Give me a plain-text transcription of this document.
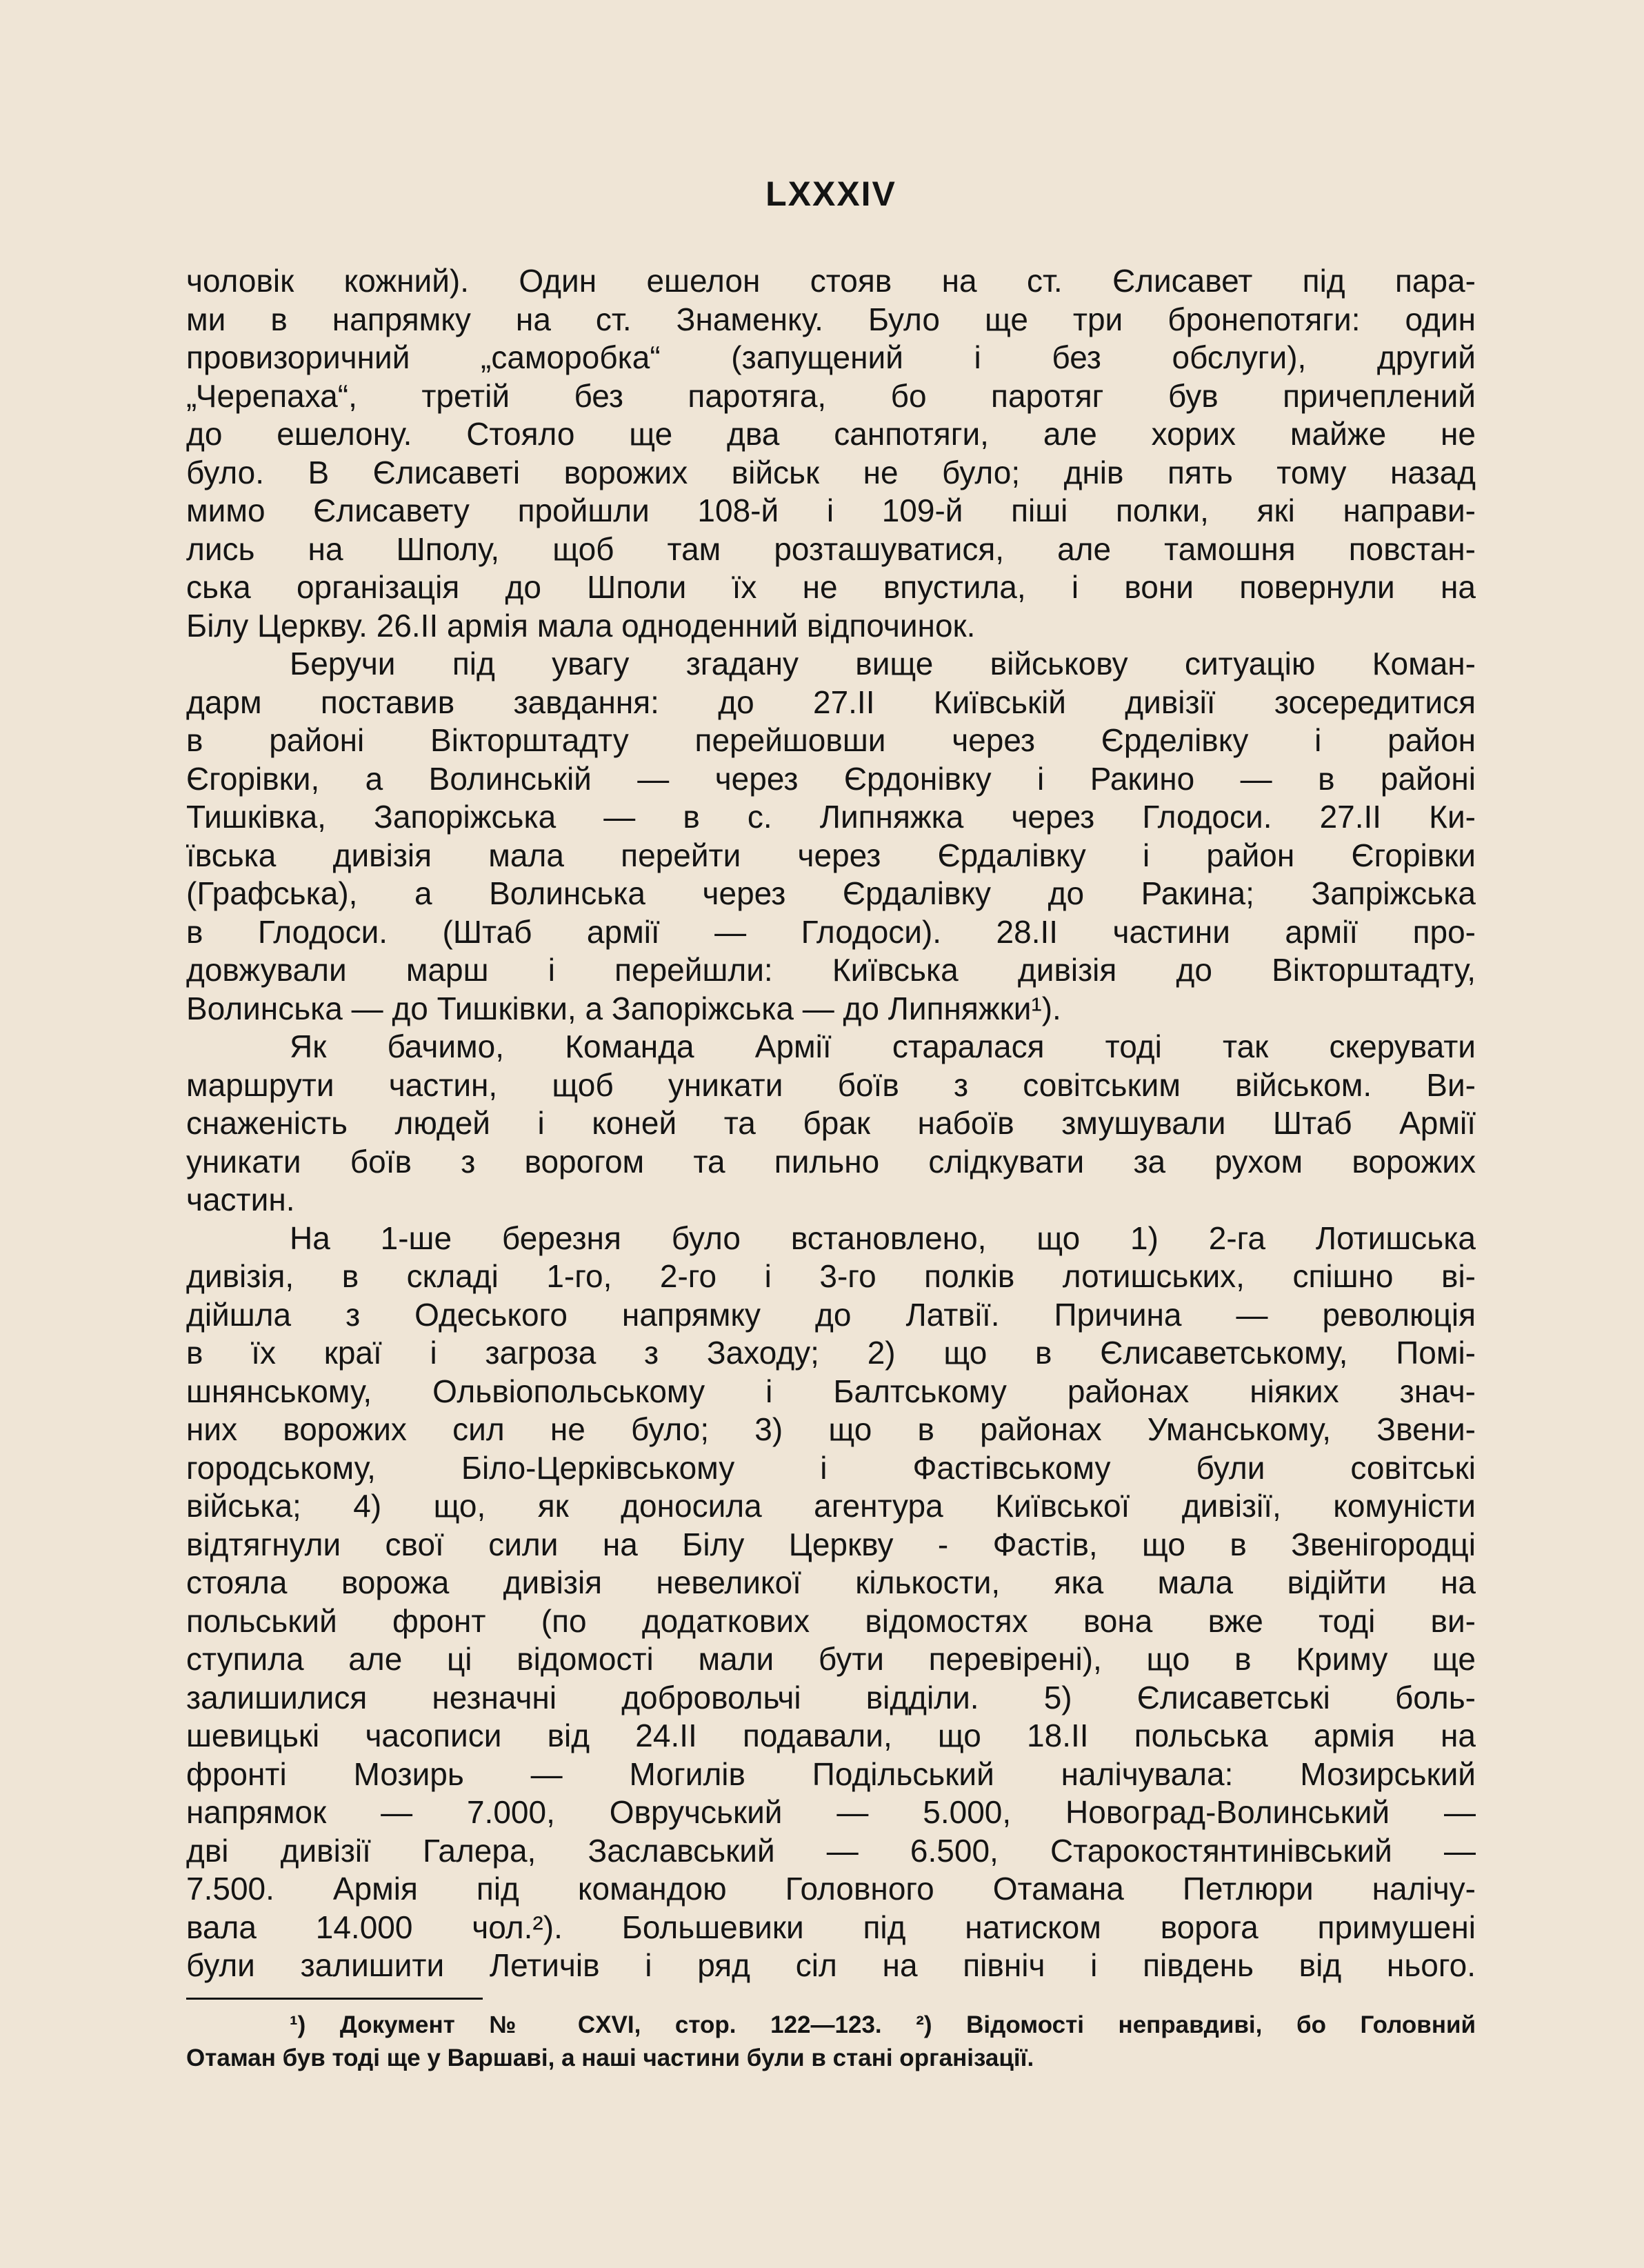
LXXXIV
чоловік кожний). Один ешелон стояв на ст. Єлисавет під пара-
ми в напрямку на ст. Знаменку. Було ще три бронепотяги: один
провизоричний „саморобка“ (запущений і без обслуги), другий
„Черепаха“, третій без паротяга, бо паротяг був причеплений
до ешелону. Стояло ще два санпотяги, але хорих майже не
було. В Єлисаветі ворожих військ не було; днів пять тому назад
мимо Єлисавету пройшли 108-й і 109-й піші полки, які направи-
лись на Шполу, щоб там розташуватися, але тамошня повстан-
ська організація до Шполи їх не впустила, і вони повернули на
Білу Церкву. 26.II армія мала одноденний відпочинок.
Беручи під увагу згадану вище військову ситуацію Коман-
дарм поставив завдання: до 27.II Київській дивізії зосередитися
в районі Вікторштадту перейшовши через Єрделівку і район
Єгорівки, а Волинській — через Єрдонівку і Ракино — в районі
Тишківка, Запоріжська — в с. Липняжка через Глодоси. 27.II Ки-
ївська дивізія мала перейти через Єрдалівку і район Єгорівки
(Графська), а Волинська через Єрдалівку до Ракина; Запріжська
в Глодоси. (Штаб армії — Глодоси). 28.II частини армії про-
довжували марш і перейшли: Київська дивізія до Вікторштадту,
Волинська — до Тишківки, а Запоріжська — до Липняжки¹).
Як бачимо, Команда Армії старалася тоді так скерувати
маршрути частин, щоб уникати боїв з совітським військом. Ви-
снаженість людей і коней та брак набоїв змушували Штаб Армії
уникати боїв з ворогом та пильно слідкувати за рухом ворожих
частин.
На 1-ше березня було встановлено, що 1) 2-га Лотишська
дивізія, в складі 1-го, 2-го і 3-го полків лотишських, спішно ві-
дійшла з Одеського напрямку до Латвії. Причина — революція
в їх краї і загроза з Заходу; 2) що в Єлисаветському, Помі-
шнянському, Ольвіопольському і Балтському районах ніяких знач-
них ворожих сил не було; 3) що в районах Уманському, Звени-
городському, Біло-Церківському і Фастівському були совітські
війська; 4) що, як доносила агентура Київської дивізії, комуністи
відтягнули свої сили на Білу Церкву - Фастів, що в Звенігородці
стояла ворожа дивізія невеликої кількости, яка мала відійти на
польський фронт (по додаткових відомостях вона вже тоді ви-
ступила але ці відомості мали бути перевірені), що в Криму ще
залишилися незначні добровольчі відділи. 5) Єлисаветські боль-
шевицькі часописи від 24.II подавали, що 18.II польська армія на
фронті Мозирь — Могилів Подільський налічувала: Мозирський
напрямок — 7.000, Овручський — 5.000, Новоград-Волинський —
дві дивізії Галера, Заславський — 6.500, Старокостянтинівський —
7.500. Армія під командою Головного Отамана Петлюри налічу-
вала 14.000 чол.²). Большевики під натиском ворога примушені
були залишити Летичів і ряд сіл на північ і південь від нього.
¹) Документ № CXVI, стор. 122—123. ²) Відомості неправдиві, бо Головний
Отаман був тоді ще у Варшаві, а наші частини були в стані організації.
